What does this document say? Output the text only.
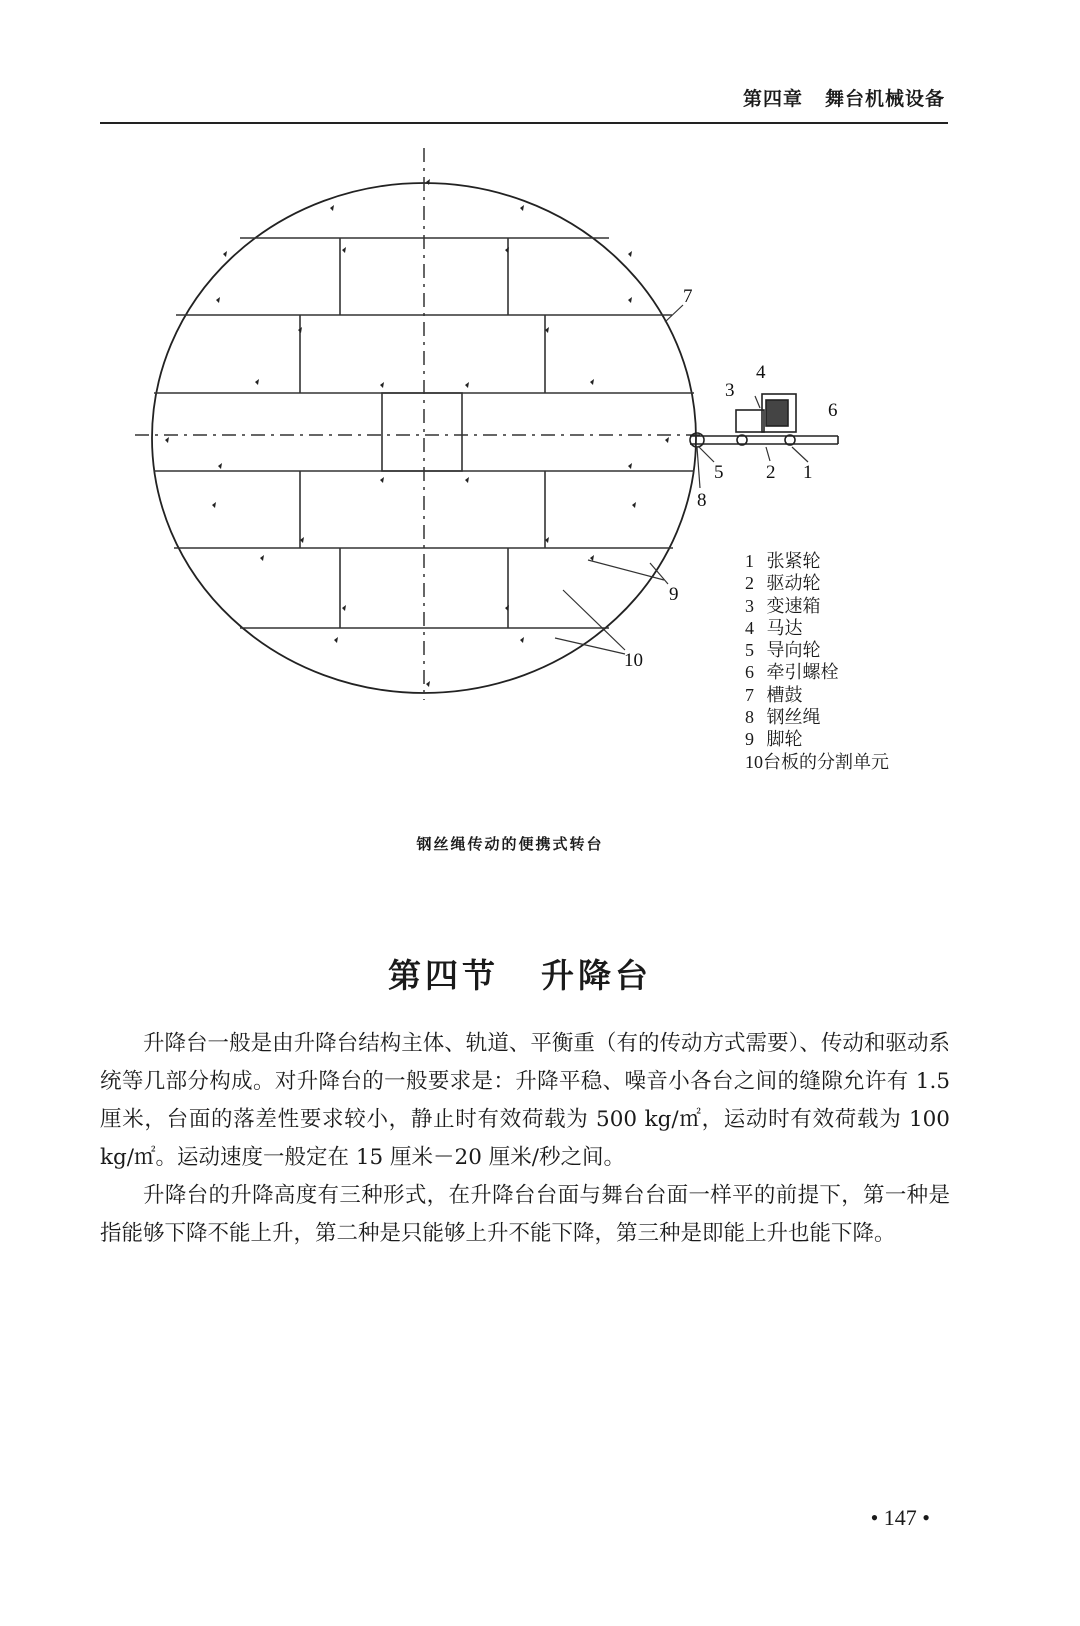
第四章 舞台机械设备
7
4
3
6
5 2 1
8
9
10
1 张紧轮
2 驱动轮
3 变速箱
4 马达
5 导向轮
6 牵引螺栓
7 槽鼓
8 钢丝绳
9 脚轮
10台板的分割单元
钢丝绳传动的便携式转台
第四节 升降台

升降台一般是由升降台结构主体、轨道、平衡重（有的传动方式需要）、传动和驱动系统等几部分构成。对升降台的一般要求是：升降平稳、噪音小各台之间的缝隙允许有 1.5 厘米，台面的落差性要求较小，静止时有效荷载为 500 kg/㎡，运动时有效荷载为 100 kg/㎡。运动速度一般定在 15 厘米－20 厘米/秒之间。

升降台的升降高度有三种形式，在升降台台面与舞台台面一样平的前提下，第一种是指能够下降不能上升，第二种是只能够上升不能下降，第三种是即能上升也能下降。

• 147 •
